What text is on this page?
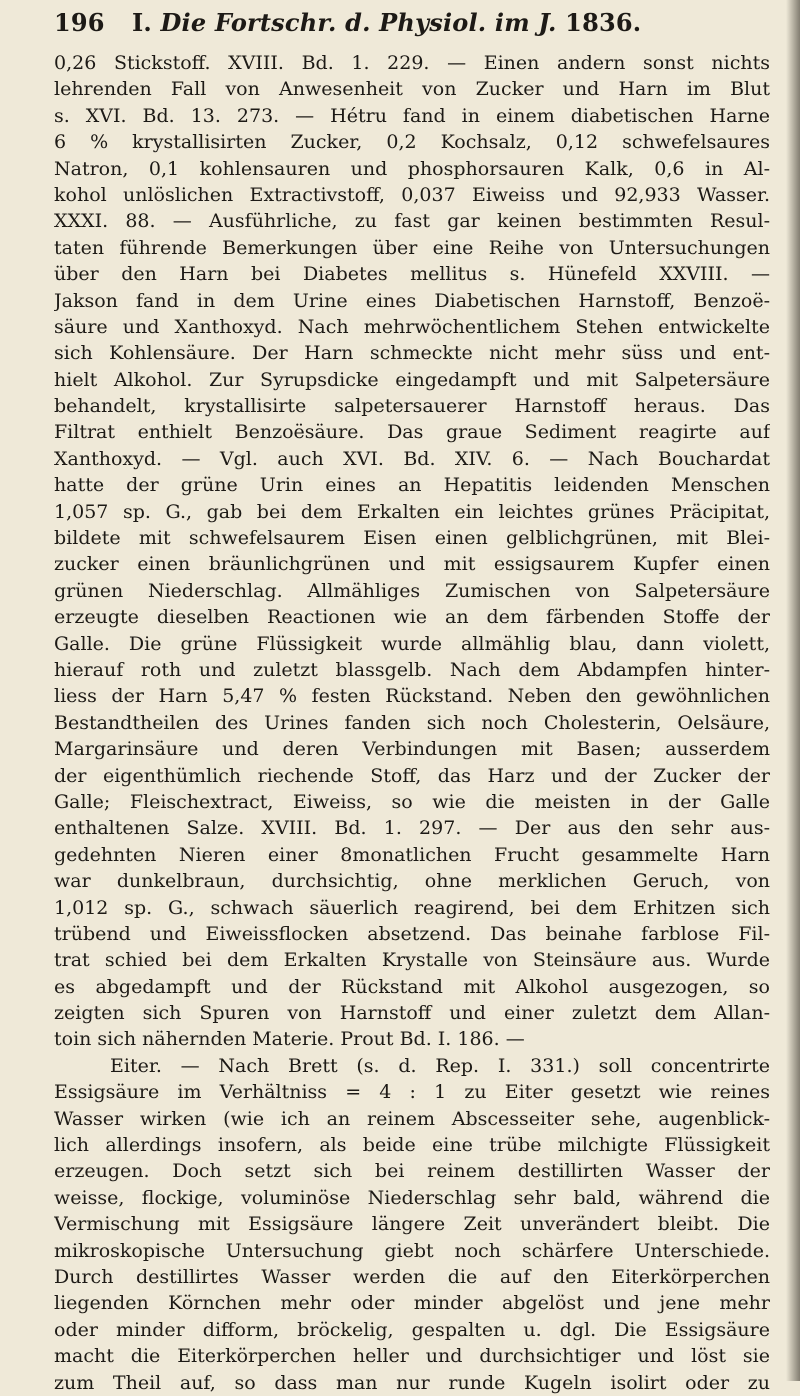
196	I. Die Fortschr. d. Physiol. im J. 1836.
0,26 Stickstoff. XVIII. Bd. 1. 229. — Einen andern sonst nichts
lehrenden Fall von Anwesenheit von Zucker und Harn im Blut
s. XVI. Bd. 13. 273. — Hétru fand in einem diabetischen Harne
6 % krystallisirten Zucker, 0,2 Kochsalz, 0,12 schwefelsaures
Natron, 0,1 kohlensauren und phosphorsauren Kalk, 0,6 in Al-
kohol unlöslichen Extractivstoff, 0,037 Eiweiss und 92,933 Wasser.
XXXI. 88. — Ausführliche, zu fast gar keinen bestimmten Resul-
taten führende Bemerkungen über eine Reihe von Untersuchungen
über den Harn bei Diabetes mellitus s. Hünefeld XXVIII. —
Jakson fand in dem Urine eines Diabetischen Harnstoff, Benzoë-
säure und Xanthoxyd. Nach mehrwöchentlichem Stehen entwickelte
sich Kohlensäure. Der Harn schmeckte nicht mehr süss und ent-
hielt Alkohol. Zur Syrupsdicke eingedampft und mit Salpetersäure
behandelt, krystallisirte salpetersauerer Harnstoff heraus. Das
Filtrat enthielt Benzoësäure. Das graue Sediment reagirte auf
Xanthoxyd. — Vgl. auch XVI. Bd. XIV. 6. — Nach Bouchardat
hatte der grüne Urin eines an Hepatitis leidenden Menschen
1,057 sp. G., gab bei dem Erkalten ein leichtes grünes Präcipitat,
bildete mit schwefelsaurem Eisen einen gelblichgrünen, mit Blei-
zucker einen bräunlichgrünen und mit essigsaurem Kupfer einen
grünen Niederschlag. Allmähliges Zumischen von Salpetersäure
erzeugte dieselben Reactionen wie an dem färbenden Stoffe der
Galle. Die grüne Flüssigkeit wurde allmählig blau, dann violett,
hierauf roth und zuletzt blassgelb. Nach dem Abdampfen hinter-
liess der Harn 5,47 % festen Rückstand. Neben den gewöhnlichen
Bestandtheilen des Urines fanden sich noch Cholesterin, Oelsäure,
Margarinsäure und deren Verbindungen mit Basen; ausserdem
der eigenthümlich riechende Stoff, das Harz und der Zucker der
Galle; Fleischextract, Eiweiss, so wie die meisten in der Galle
enthaltenen Salze. XVIII. Bd. 1. 297. — Der aus den sehr aus-
gedehnten Nieren einer 8monatlichen Frucht gesammelte Harn
war dunkelbraun, durchsichtig, ohne merklichen Geruch, von
1,012 sp. G., schwach säuerlich reagirend, bei dem Erhitzen sich
trübend und Eiweissflocken absetzend. Das beinahe farblose Fil-
trat schied bei dem Erkalten Krystalle von Steinsäure aus. Wurde
es abgedampft und der Rückstand mit Alkohol ausgezogen, so
zeigten sich Spuren von Harnstoff und einer zuletzt dem Allan-
toin sich nähernden Materie. Prout Bd. I. 186. —
Eiter. — Nach Brett (s. d. Rep. I. 331.) soll concentrirte
Essigsäure im Verhältniss = 4 : 1 zu Eiter gesetzt wie reines
Wasser wirken (wie ich an reinem Abscesseiter sehe, augenblick-
lich allerdings insofern, als beide eine trübe milchigte Flüssigkeit
erzeugen. Doch setzt sich bei reinem destillirten Wasser der
weisse, flockige, voluminöse Niederschlag sehr bald, während die
Vermischung mit Essigsäure längere Zeit unverändert bleibt. Die
mikroskopische Untersuchung giebt noch schärfere Unterschiede.
Durch destillirtes Wasser werden die auf den Eiterkörperchen
liegenden Körnchen mehr oder minder abgelöst und jene mehr
oder minder difform, bröckelig, gespalten u. dgl. Die Essigsäure
macht die Eiterkörperchen heller und durchsichtiger und löst sie
zum Theil auf, so dass man nur runde Kugeln isolirt oder zu
